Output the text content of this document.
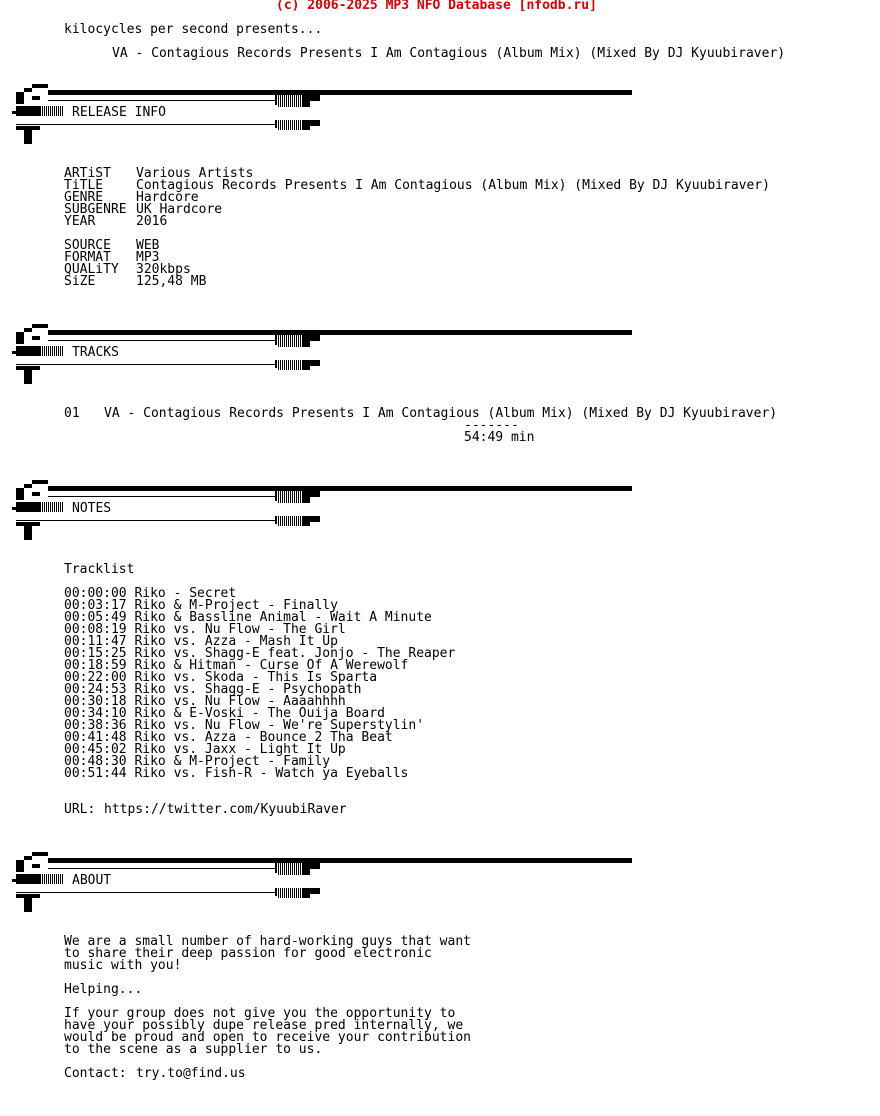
(c) 2006-2025 MP3 NFO Database [nfodb.ru]
kilocycles per second presents...
VA - Contagious Records Presents I Am Contagious (Album Mix) (Mixed By DJ Kyuubiraver)
RELEASE INFO
ARTiST Various Artists
TiTLE	Contagious Records Presents I Am Contagious (Album Mix) (Mixed By DJ Kyuubiraver)
GENRE	Hardcore
SUBGENRE UK Hardcore
YEAR	2016
SOURCE WEB
FORMAT MP3
QUALiTY 320kbps
SiZE	125,48 MB
TRACKS
01 VA - Contagious Records Presents I Am Contagious (Album Mix) (Mixed By DJ Kyuubiraver)
-------
54:49 min
NOTES
Tracklist
00:00:00 Riko - Secret
00:03:17 Riko & M-Project - Finally
00:05:49 Riko & Bassline Animal - Wait A Minute
00:08:19 Riko vs. Nu Flow - The Girl
00:11:47 Riko vs. Azza - Mash It Up
00:15:25 Riko vs. Shagg-E feat. Jonjo - The Reaper
00:18:59 Riko & Hitman - Curse Of A Werewolf
00:22:00 Riko vs. Skoda - This Is Sparta
00:24:53 Riko vs. Shagg-E - Psychopath
00:30:18 Riko vs. Nu Flow - Aaaahhhh
00:34:10 Riko & E-Voski - The Ouija Board
00:38:36 Riko vs. Nu Flow - We're Superstylin'
00:41:48 Riko vs. Azza - Bounce 2 Tha Beat
00:45:02 Riko vs. Jaxx - Light It Up
00:48:30 Riko & M-Project - Family
00:51:44 Riko vs. Fish-R - Watch ya Eyeballs
URL: https://twitter.com/KyuubiRaver
ABOUT
We are a small number of hard-working guys that want
to share their deep passion for good electronic
music with you!
Helping...
If your group does not give you the opportunity to
have your possibly dupe release pred internally, we
would be proud and open to receive your contribution
to the scene as a supplier to us.
Contact: try.to@find.us
